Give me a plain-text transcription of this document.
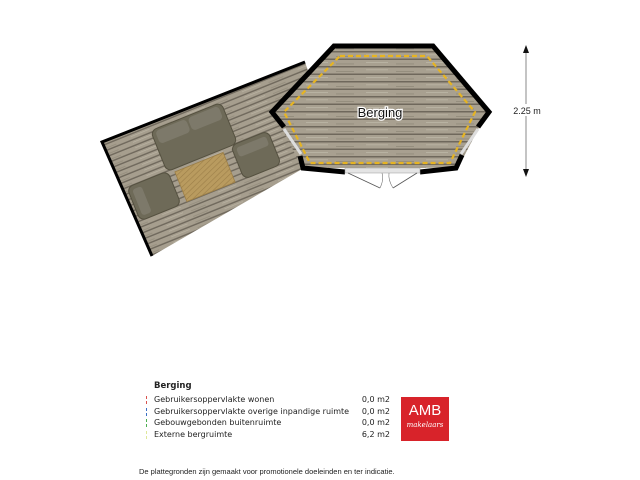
Berging	2.25 m
Berging
Gebruikersoppervlakte wonen	0,0 m2
Gebruikersoppervlakte overige inpandige ruimte 0,0 m2
Gebouwgebonden buitenruimte	0,0 m2
Externe bergruimte	6,2 m2
AMB
makelaars
De plattegronden zijn gemaakt voor promotionele doeleinden en ter indicatie.
